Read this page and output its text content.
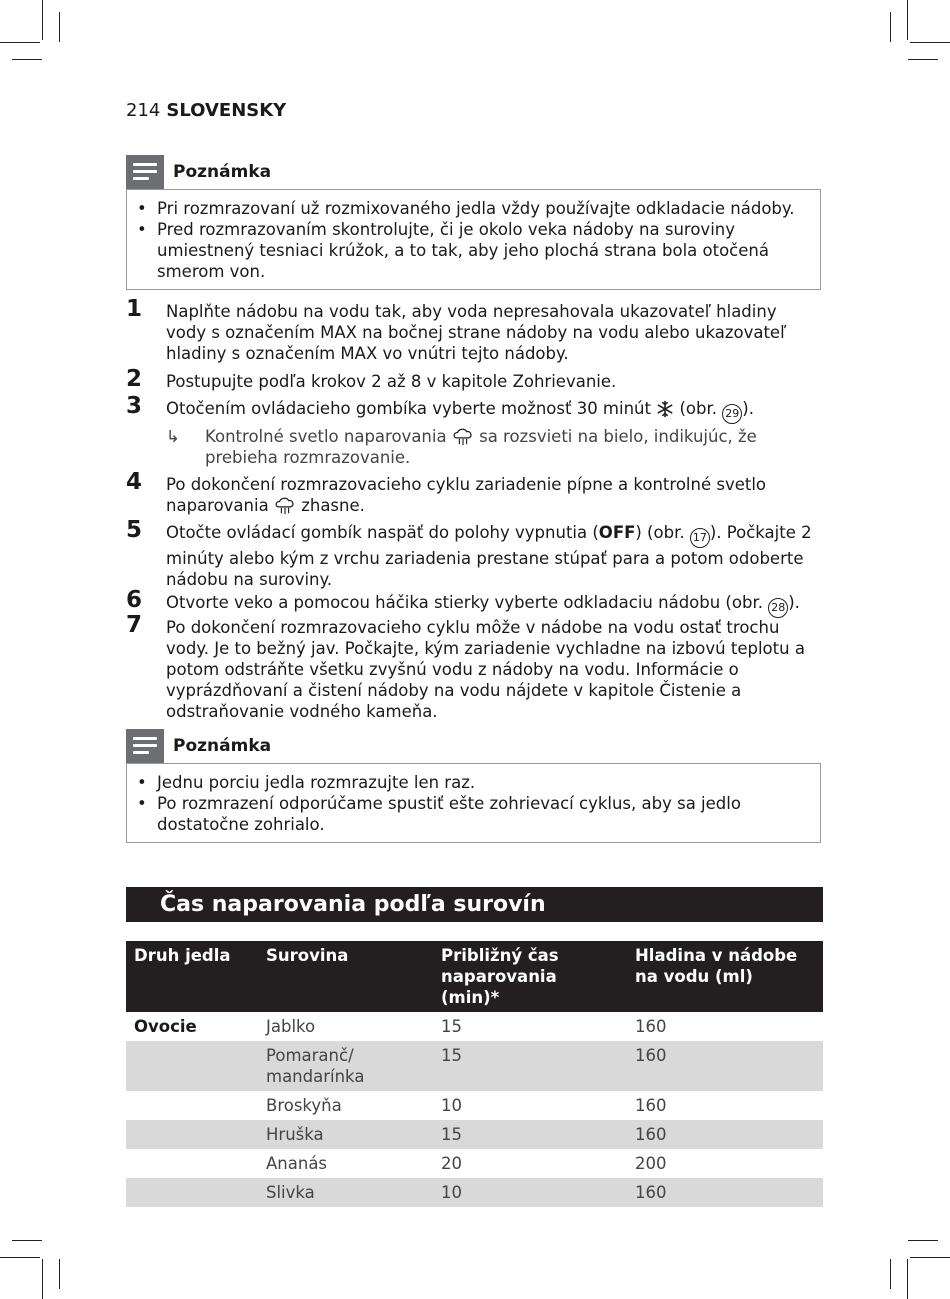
214 SLOVENSKY
Poznámka
• Pri rozmrazovaní už rozmixovaného jedla vždy používajte odkladacie nádoby.
• Pred rozmrazovaním skontrolujte, či je okolo veka nádoby na suroviny umiestnený tesniaci krúžok, a to tak, aby jeho plochá strana bola otočená smerom von.
1 Naplňte nádobu na vodu tak, aby voda nepresahovala ukazovateľ hladiny vody s označením MAX na bočnej strane nádoby na vodu alebo ukazovateľ hladiny s označením MAX vo vnútri tejto nádoby.
2 Postupujte podľa krokov 2 až 8 v kapitole Zohrievanie.
3 Otočením ovládacieho gombíka vyberte možnosť 30 minút (obr. 29 ).
↳ Kontrolné svetlo naparovania sa rozsvieti na bielo, indikujúc, že prebieha rozmrazovanie.
4 Po dokončení rozmrazovacieho cyklu zariadenie pípne a kontrolné svetlo naparovania zhasne.
5 Otočte ovládací gombík naspäť do polohy vypnutia (OFF) (obr. 17 ). Počkajte 2 minúty alebo kým z vrchu zariadenia prestane stúpať para a potom odoberte nádobu na suroviny.
6 Otvorte veko a pomocou háčika stierky vyberte odkladaciu nádobu (obr. 28 ).
7 Po dokončení rozmrazovacieho cyklu môže v nádobe na vodu ostať trochu vody. Je to bežný jav. Počkajte, kým zariadenie vychladne na izbovú teplotu a potom odstráňte všetku zvyšnú vodu z nádoby na vodu. Informácie o vyprázdňovaní a čistení nádoby na vodu nájdete v kapitole Čistenie a odstraňovanie vodného kameňa.
Poznámka
• Jednu porciu jedla rozmrazujte len raz.
• Po rozmrazení odporúčame spustiť ešte zohrievací cyklus, aby sa jedlo dostatočne zohrialo.
Čas naparovania podľa surovín
Druh jedla	Surovina	Približný čas naparovania (min)*	Hladina v nádobe na vodu (ml)
Ovocie	Jablko	15	160
	Pomaranč/ mandarínka	15	160
	Broskyňa	10	160
	Hruška	15	160
	Ananás	20	200
	Slivka	10	160
